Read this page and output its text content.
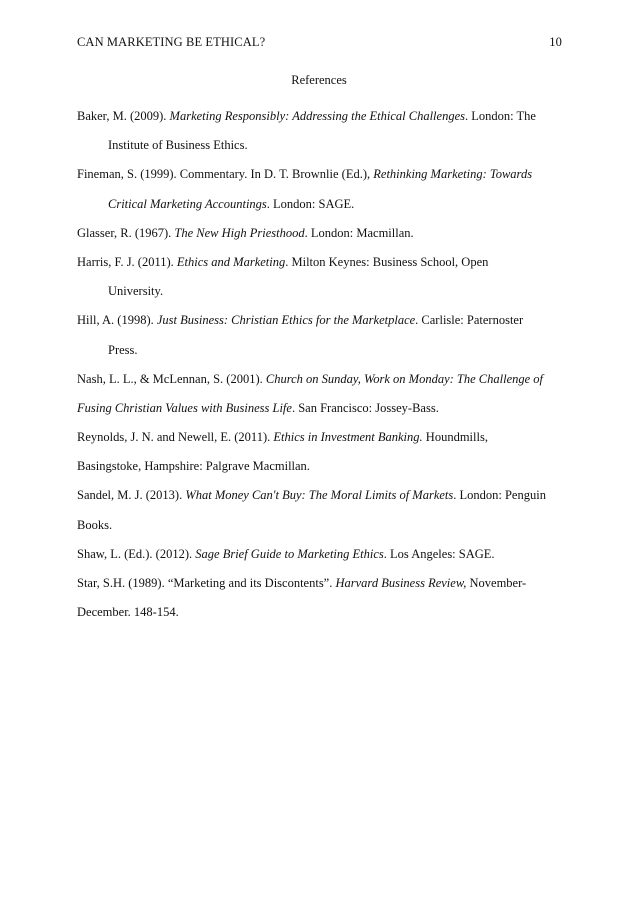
CAN MARKETING BE ETHICAL?	10
References
Baker, M. (2009). Marketing Responsibly: Addressing the Ethical Challenges. London: The
Institute of Business Ethics.
Fineman, S. (1999). Commentary. In D. T. Brownlie (Ed.), Rethinking Marketing: Towards
Critical Marketing Accountings. London: SAGE.
Glasser, R. (1967). The New High Priesthood. London: Macmillan.
Harris, F. J. (2011). Ethics and Marketing. Milton Keynes: Business School, Open
University.
Hill, A. (1998). Just Business: Christian Ethics for the Marketplace. Carlisle: Paternoster
Press.
Nash, L. L., & McLennan, S. (2001). Church on Sunday, Work on Monday: The Challenge of
Fusing Christian Values with Business Life. San Francisco: Jossey-Bass.
Reynolds, J. N. and Newell, E. (2011). Ethics in Investment Banking. Houndmills,
Basingstoke, Hampshire: Palgrave Macmillan.
Sandel, M. J. (2013). What Money Can't Buy: The Moral Limits of Markets. London: Penguin
Books.
Shaw, L. (Ed.). (2012). Sage Brief Guide to Marketing Ethics. Los Angeles: SAGE.
Star, S.H. (1989). “Marketing and its Discontents”. Harvard Business Review, November-
December. 148-154.
